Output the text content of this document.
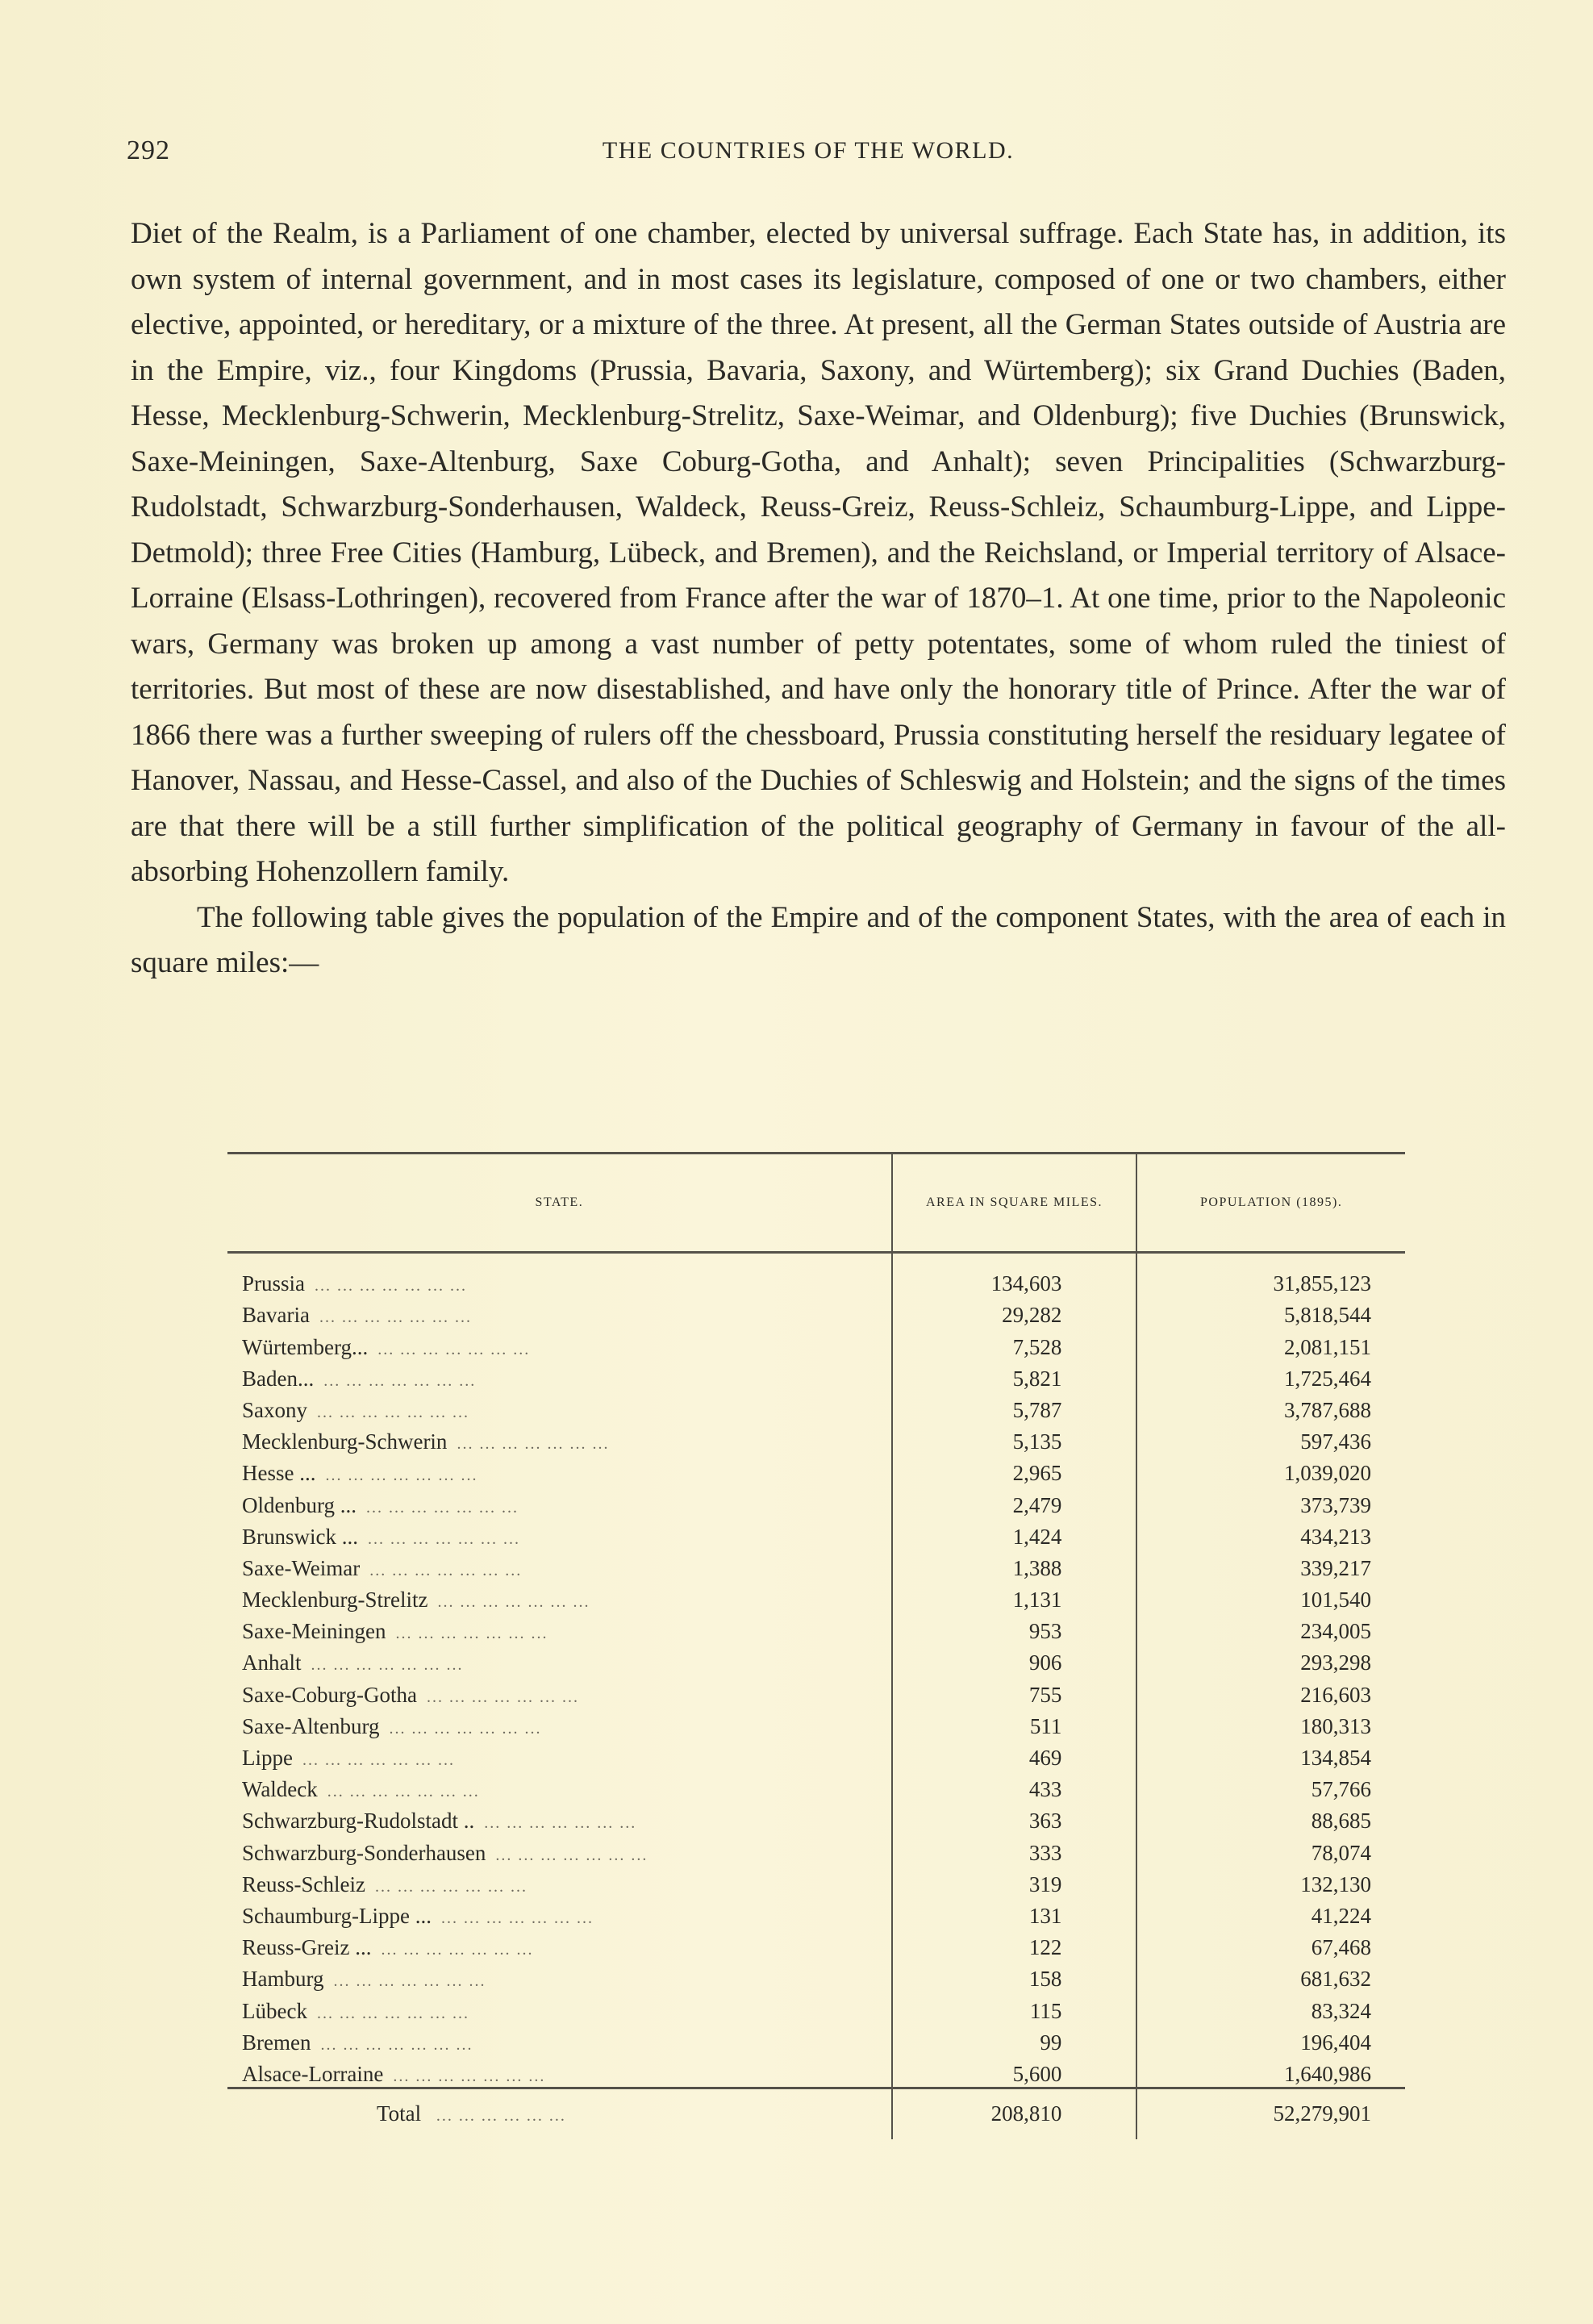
292	THE COUNTRIES OF THE WORLD.

Diet of the Realm, is a Parliament of one chamber, elected by universal suffrage. Each State has, in addition, its own system of internal government, and in most cases its legislature, composed of one or two chambers, either elective, appointed, or hereditary, or a mixture of the three. At present, all the German States outside of Austria are in the Empire, viz., four Kingdoms (Prussia, Bavaria, Saxony, and Würtemberg); six Grand Duchies (Baden, Hesse, Mecklenburg-Schwerin, Mecklenburg-Strelitz, Saxe-Weimar, and Oldenburg); five Duchies (Brunswick, Saxe-Meiningen, Saxe-Altenburg, Saxe Coburg-Gotha, and Anhalt); seven Principalities (Schwarzburg-Rudolstadt, Schwarzburg-Sonderhausen, Waldeck, Reuss-Greiz, Reuss-Schleiz, Schaumburg-Lippe, and Lippe-Detmold); three Free Cities (Hamburg, Lübeck, and Bremen), and the Reichsland, or Imperial territory of Alsace-Lorraine (Elsass-Lothringen), recovered from France after the war of 1870–1. At one time, prior to the Napoleonic wars, Germany was broken up among a vast number of petty potentates, some of whom ruled the tiniest of territories. But most of these are now disestablished, and have only the honorary title of Prince. After the war of 1866 there was a further sweeping of rulers off the chessboard, Prussia constituting herself the residuary legatee of Hanover, Nassau, and Hesse-Cassel, and also of the Duchies of Schleswig and Holstein; and the signs of the times are that there will be a still further simplification of the political geography of Germany in favour of the all-absorbing Hohenzollern family.

The following table gives the population of the Empire and of the component States, with the area of each in square miles:—

STATE.	AREA IN SQUARE MILES.	POPULATION (1895).
Prussia ... ... ... ... ... ... ...	134,603	31,855,123
Bavaria ... ... ... ... ... ... ...	29,282	5,818,544
Würtemberg... ... ... ... ... ... ... ...	7,528	2,081,151
Baden... ... ... ... ... ... ... ...	5,821	1,725,464
Saxony ... ... ... ... ... ... ...	5,787	3,787,688
Mecklenburg-Schwerin ... ... ... ... ... ... ...	5,135	597,436
Hesse ... ... ... ... ... ... ... ...	2,965	1,039,020
Oldenburg ... ... ... ... ... ... ... ...	2,479	373,739
Brunswick ... ... ... ... ... ... ... ...	1,424	434,213
Saxe-Weimar ... ... ... ... ... ... ...	1,388	339,217
Mecklenburg-Strelitz ... ... ... ... ... ... ...	1,131	101,540
Saxe-Meiningen ... ... ... ... ... ... ...	953	234,005
Anhalt ... ... ... ... ... ... ...	906	293,298
Saxe-Coburg-Gotha ... ... ... ... ... ... ...	755	216,603
Saxe-Altenburg ... ... ... ... ... ... ...	511	180,313
Lippe ... ... ... ... ... ... ...	469	134,854
Waldeck ... ... ... ... ... ... ...	433	57,766
Schwarzburg-Rudolstadt .. ... ... ... ... ... ... ...	363	88,685
Schwarzburg-Sonderhausen ... ... ... ... ... ... ...	333	78,074
Reuss-Schleiz ... ... ... ... ... ... ...	319	132,130
Schaumburg-Lippe ... ... ... ... ... ... ... ...	131	41,224
Reuss-Greiz ... ... ... ... ... ... ... ...	122	67,468
Hamburg ... ... ... ... ... ... ...	158	681,632
Lübeck ... ... ... ... ... ... ...	115	83,324
Bremen ... ... ... ... ... ... ...	99	196,404
Alsace-Lorraine ... ... ... ... ... ... ...	5,600	1,640,986
Total ... ... ... ... ... ...	208,810	52,279,901
